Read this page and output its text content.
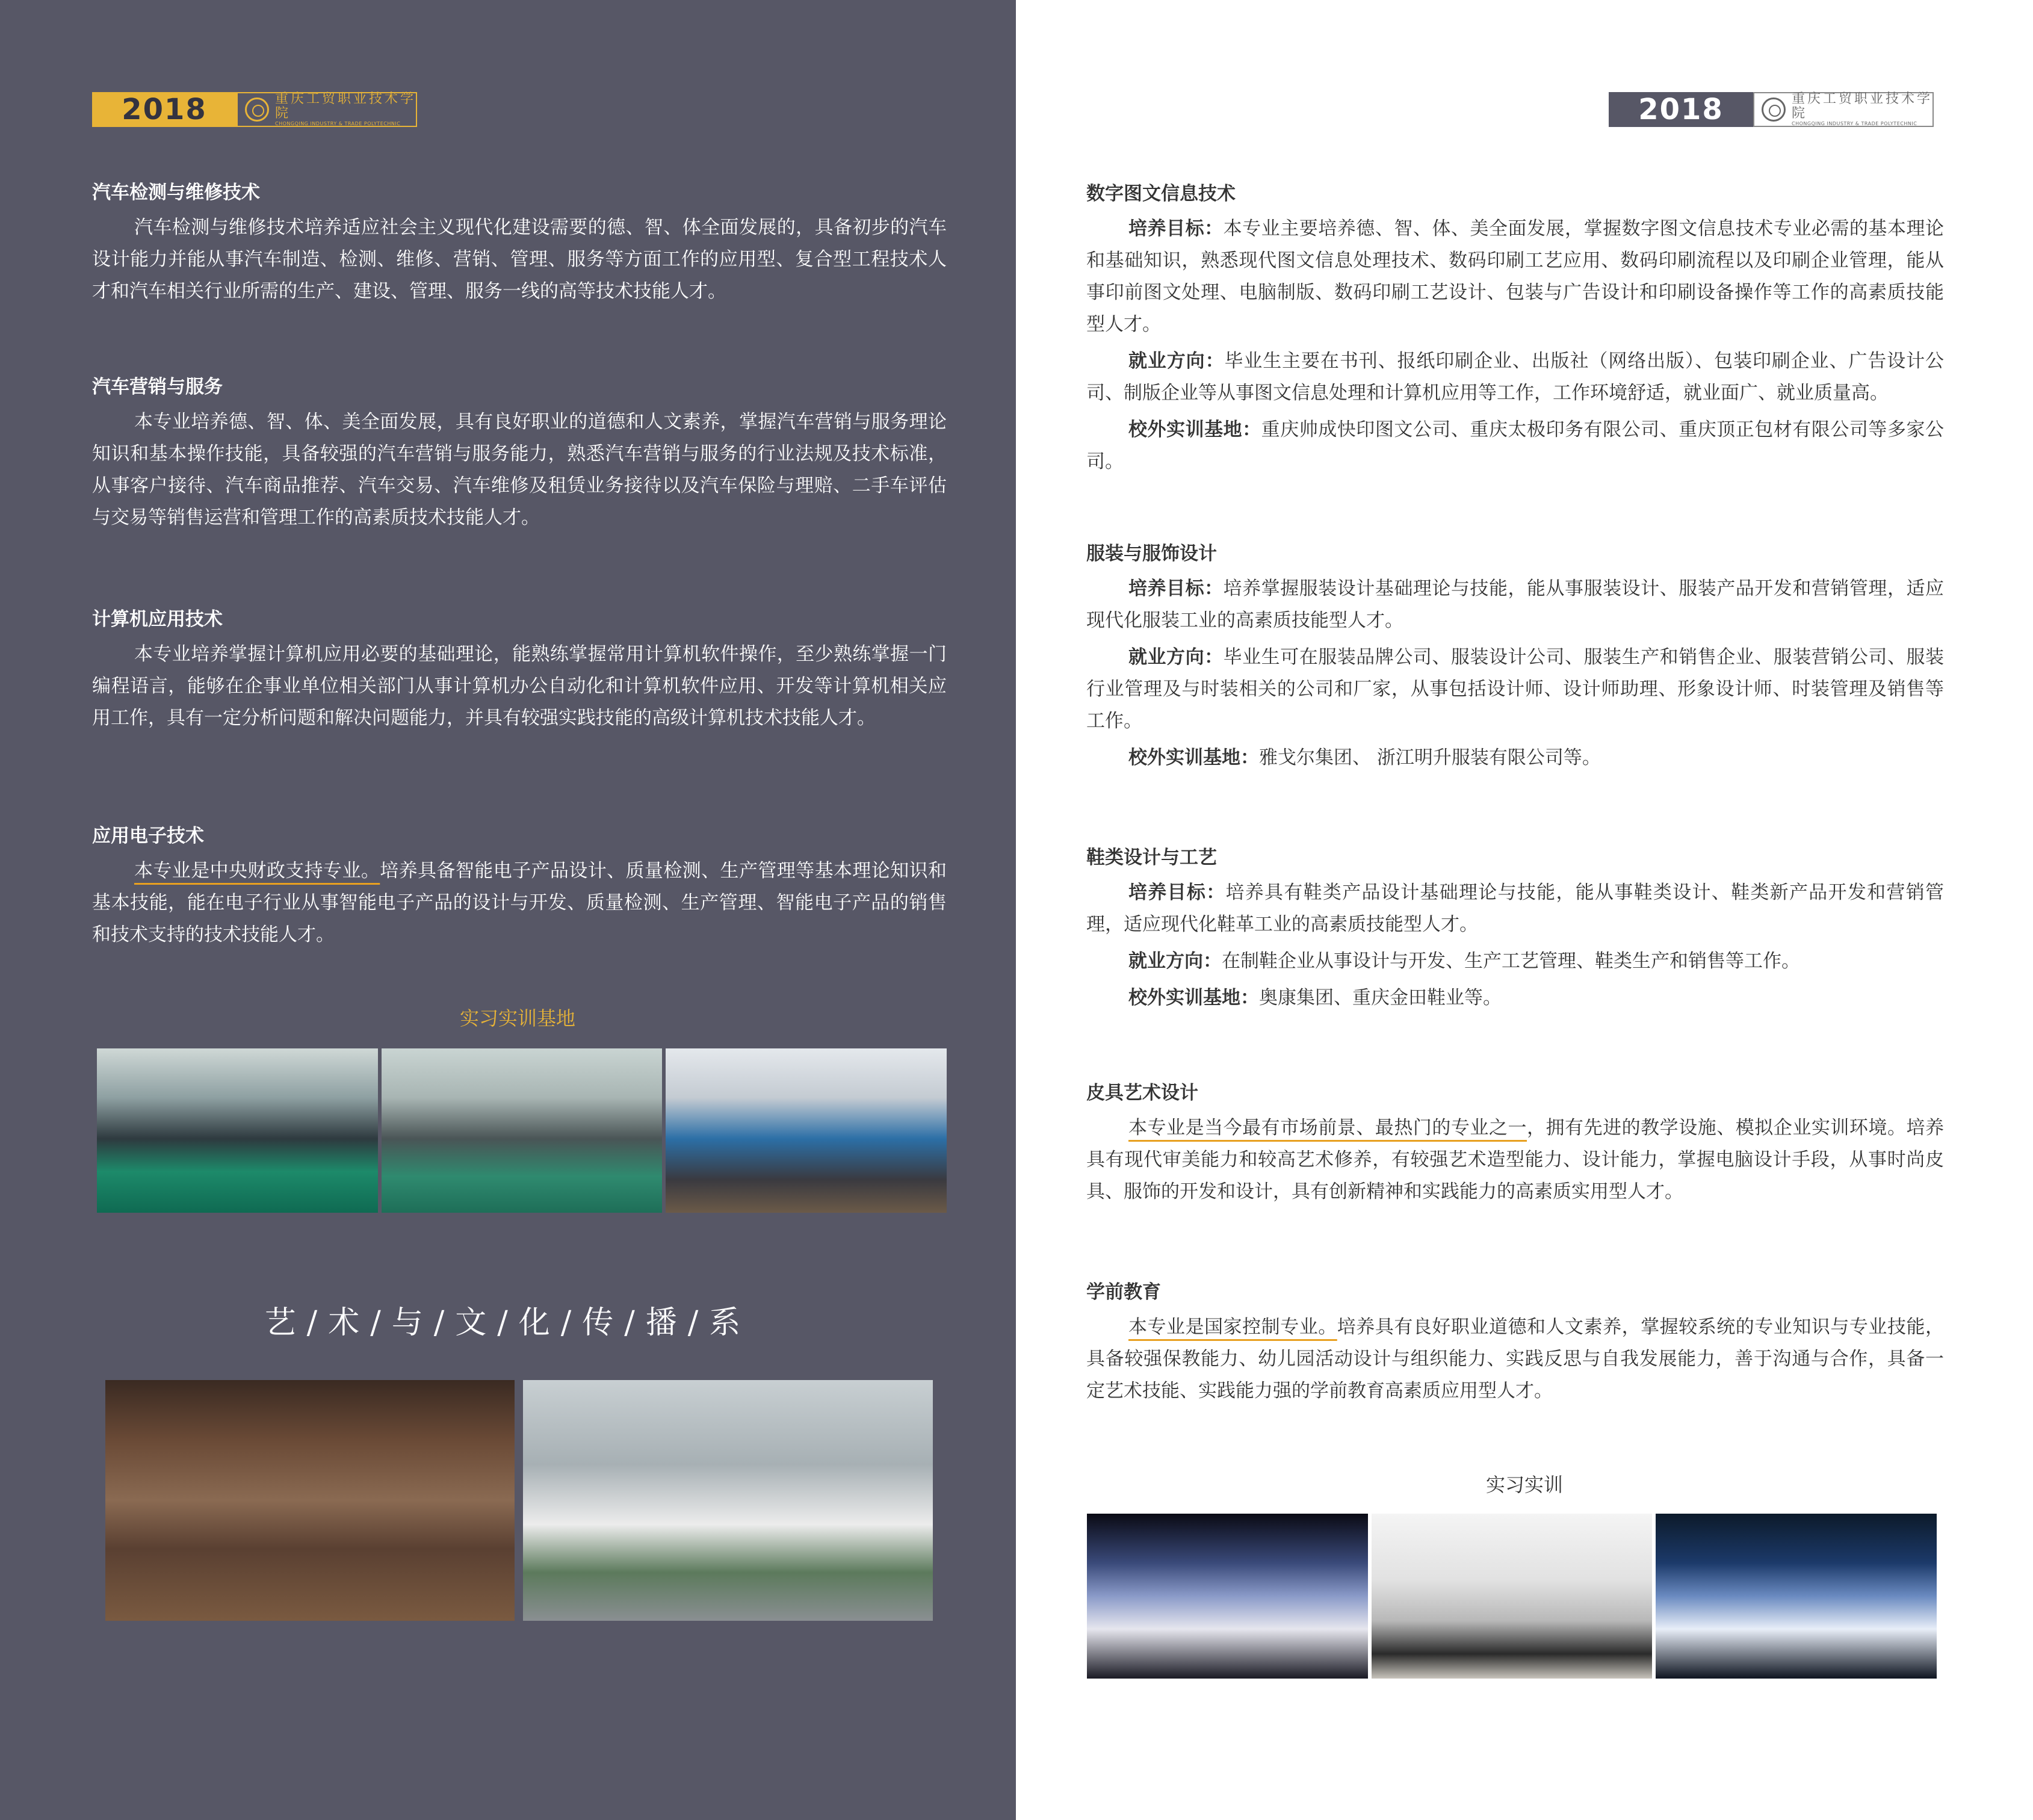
2018	重庆工贸职业技术学院
CHONGQING INDUSTRY & TRADE POLYTECHNIC
汽车检测与维修技术

汽车检测与维修技术培养适应社会主义现代化建设需要的德、智、体全面发展的，具备初步的汽车设计能力并能从事汽车制造、检测、维修、营销、管理、服务等方面工作的应用型、复合型工程技术人才和汽车相关行业所需的生产、建设、管理、服务一线的高等技术技能人才。

汽车营销与服务

本专业培养德、智、体、美全面发展，具有良好职业的道德和人文素养，掌握汽车营销与服务理论知识和基本操作技能，具备较强的汽车营销与服务能力，熟悉汽车营销与服务的行业法规及技术标准，从事客户接待、汽车商品推荐、汽车交易、汽车维修及租赁业务接待以及汽车保险与理赔、二手车评估与交易等销售运营和管理工作的高素质技术技能人才。

计算机应用技术

本专业培养掌握计算机应用必要的基础理论，能熟练掌握常用计算机软件操作，至少熟练掌握一门编程语言，能够在企事业单位相关部门从事计算机办公自动化和计算机软件应用、开发等计算机相关应用工作，具有一定分析问题和解决问题能力，并具有较强实践技能的高级计算机技术技能人才。

应用电子技术

本专业是中央财政支持专业。培养具备智能电子产品设计、质量检测、生产管理等基本理论知识和基本技能，能在电子行业从事智能电子产品的设计与开发、质量检测、生产管理、智能电子产品的销售和技术支持的技术技能人才。

实习实训基地
艺/术/与/文/化/传/播/系
2018	重庆工贸职业技术学院
CHONGQING INDUSTRY & TRADE POLYTECHNIC
数字图文信息技术

培养目标：本专业主要培养德、智、体、美全面发展，掌握数字图文信息技术专业必需的基本理论和基础知识，熟悉现代图文信息处理技术、数码印刷工艺应用、数码印刷流程以及印刷企业管理，能从事印前图文处理、电脑制版、数码印刷工艺设计、包装与广告设计和印刷设备操作等工作的高素质技能型人才。

就业方向：毕业生主要在书刊、报纸印刷企业、出版社（网络出版）、包装印刷企业、广告设计公司、制版企业等从事图文信息处理和计算机应用等工作，工作环境舒适，就业面广、就业质量高。

校外实训基地：重庆帅成快印图文公司、重庆太极印务有限公司、重庆顶正包材有限公司等多家公司。

服装与服饰设计

培养目标：培养掌握服装设计基础理论与技能，能从事服装设计、服装产品开发和营销管理，适应现代化服装工业的高素质技能型人才。

就业方向：毕业生可在服装品牌公司、服装设计公司、服装生产和销售企业、服装营销公司、服装行业管理及与时装相关的公司和厂家，从事包括设计师、设计师助理、形象设计师、时装管理及销售等工作。

校外实训基地：雅戈尔集团、 浙江明升服装有限公司等。

鞋类设计与工艺

培养目标：培养具有鞋类产品设计基础理论与技能，能从事鞋类设计、鞋类新产品开发和营销管理，适应现代化鞋革工业的高素质技能型人才。

就业方向：在制鞋企业从事设计与开发、生产工艺管理、鞋类生产和销售等工作。

校外实训基地：奥康集团、重庆金田鞋业等。

皮具艺术设计

本专业是当今最有市场前景、最热门的专业之一，拥有先进的教学设施、模拟企业实训环境。培养具有现代审美能力和较高艺术修养，有较强艺术造型能力、设计能力，掌握电脑设计手段，从事时尚皮具、服饰的开发和设计，具有创新精神和实践能力的高素质实用型人才。

学前教育

本专业是国家控制专业。培养具有良好职业道德和人文素养，掌握较系统的专业知识与专业技能，具备较强保教能力、幼儿园活动设计与组织能力、实践反思与自我发展能力，善于沟通与合作，具备一定艺术技能、实践能力强的学前教育高素质应用型人才。

实习实训
